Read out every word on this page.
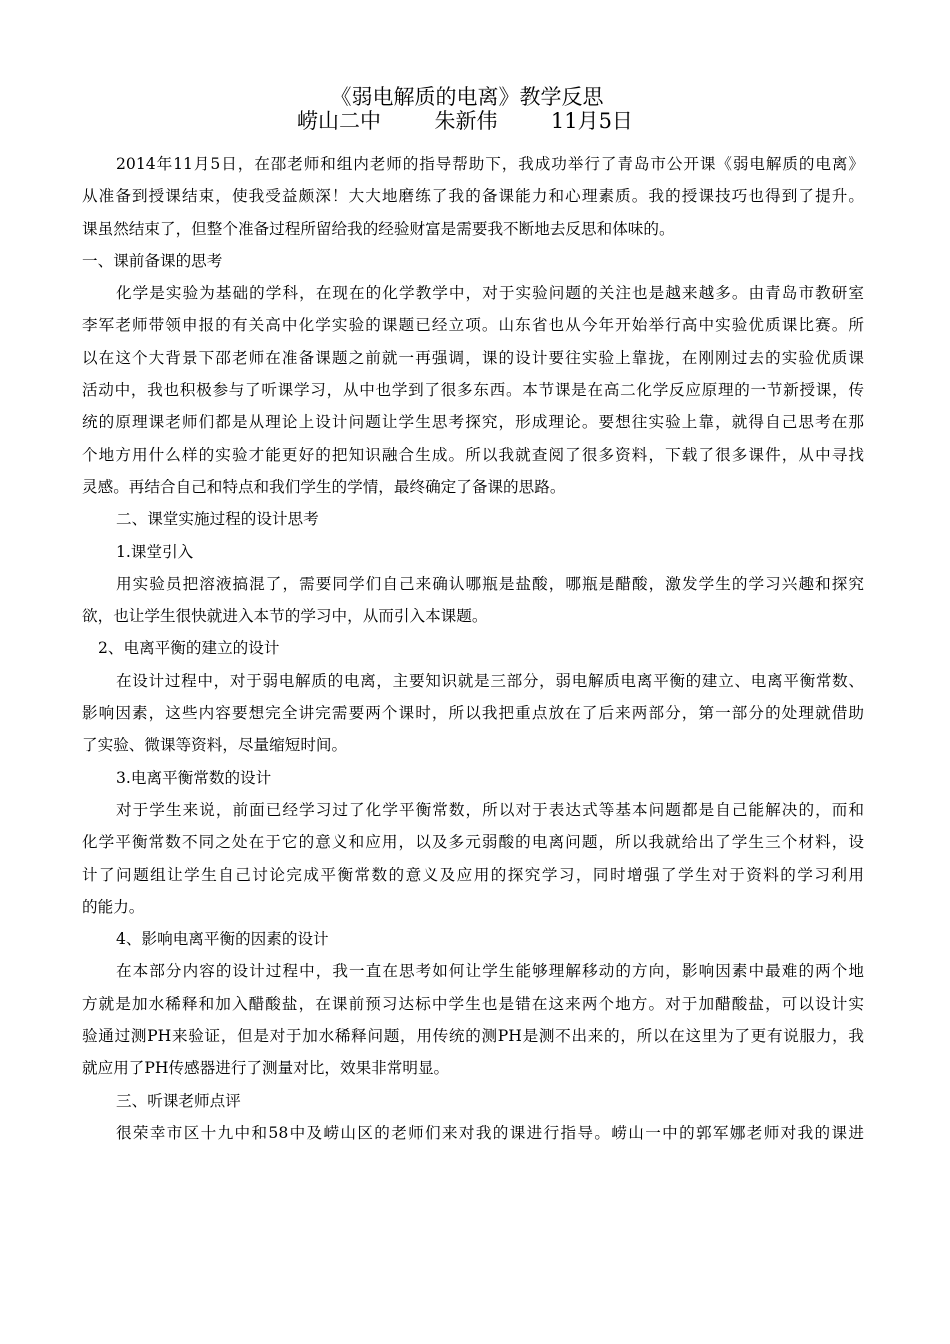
《弱电解质的电离》教学反思
崂山二中        朱新伟        11月5日
2014年11月5日，在邵老师和组内老师的指导帮助下，我成功举行了青岛市公开课《弱电解质的电离》
从准备到授课结束，使我受益颇深！大大地磨练了我的备课能力和心理素质。我的授课技巧也得到了提升。
课虽然结束了，但整个准备过程所留给我的经验财富是需要我不断地去反思和体味的。
一、课前备课的思考
化学是实验为基础的学科，在现在的化学教学中，对于实验问题的关注也是越来越多。由青岛市教研室
李军老师带领申报的有关高中化学实验的课题已经立项。山东省也从今年开始举行高中实验优质课比赛。所
以在这个大背景下邵老师在准备课题之前就一再强调，课的设计要往实验上靠拢，在刚刚过去的实验优质课
活动中，我也积极参与了听课学习，从中也学到了很多东西。本节课是在高二化学反应原理的一节新授课，传
统的原理课老师们都是从理论上设计问题让学生思考探究，形成理论。要想往实验上靠，就得自己思考在那
个地方用什么样的实验才能更好的把知识融合生成。所以我就查阅了很多资料，下载了很多课件，从中寻找
灵感。再结合自己和特点和我们学生的学情，最终确定了备课的思路。
二、课堂实施过程的设计思考
1.课堂引入
用实验员把溶液搞混了，需要同学们自己来确认哪瓶是盐酸，哪瓶是醋酸，激发学生的学习兴趣和探究
欲，也让学生很快就进入本节的学习中，从而引入本课题。
2、电离平衡的建立的设计
在设计过程中，对于弱电解质的电离，主要知识就是三部分，弱电解质电离平衡的建立、电离平衡常数、
影响因素，这些内容要想完全讲完需要两个课时，所以我把重点放在了后来两部分，第一部分的处理就借助
了实验、微课等资料，尽量缩短时间。
3.电离平衡常数的设计
对于学生来说，前面已经学习过了化学平衡常数，所以对于表达式等基本问题都是自己能解决的，而和
化学平衡常数不同之处在于它的意义和应用，以及多元弱酸的电离问题，所以我就给出了学生三个材料，设
计了问题组让学生自己讨论完成平衡常数的意义及应用的探究学习，同时增强了学生对于资料的学习利用
的能力。
4、影响电离平衡的因素的设计
在本部分内容的设计过程中，我一直在思考如何让学生能够理解移动的方向，影响因素中最难的两个地
方就是加水稀释和加入醋酸盐，在课前预习达标中学生也是错在这来两个地方。对于加醋酸盐，可以设计实
验通过测PH来验证，但是对于加水稀释问题，用传统的测PH是测不出来的，所以在这里为了更有说服力，我
就应用了PH传感器进行了测量对比，效果非常明显。
三、听课老师点评
很荣幸市区十九中和58中及崂山区的老师们来对我的课进行指导。崂山一中的郭军娜老师对我的课进
